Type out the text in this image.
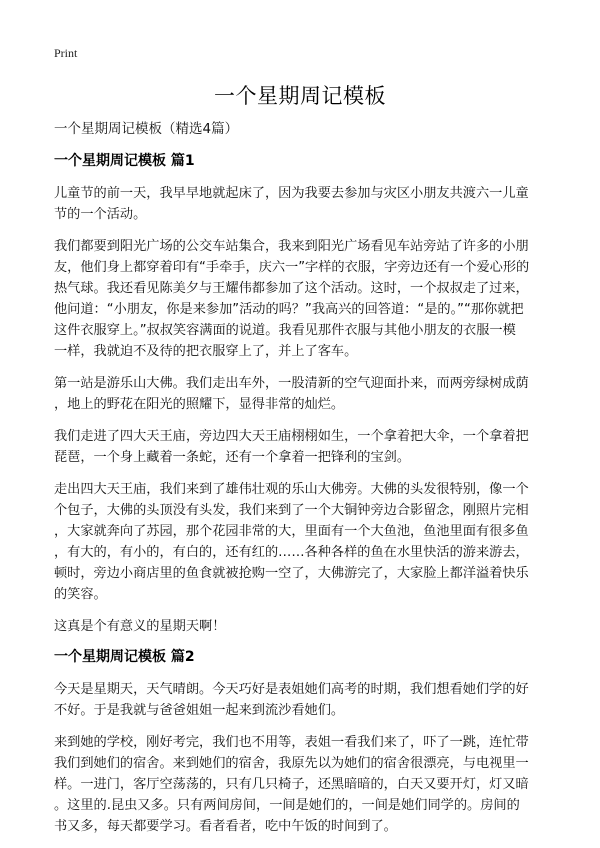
Print
一个星期周记模板

一个星期周记模板（精选4篇）

一个星期周记模板 篇1

儿童节的前一天，我早早地就起床了，因为我要去参加与灾区小朋友共渡六一儿童
节的一个活动。

我们都要到阳光广场的公交车站集合，我来到阳光广场看见车站旁站了许多的小朋
友，他们身上都穿着印有“手牵手，庆六一”字样的衣服，字旁边还有一个爱心形的
热气球。我还看见陈美夕与王耀伟都参加了这个活动。这时，一个叔叔走了过来，
他问道：“小朋友，你是来参加”活动的吗？”我高兴的回答道：“是的。”“那你就把
这件衣服穿上。”叔叔笑容满面的说道。我看见那件衣服与其他小朋友的衣服一模
一样，我就迫不及待的把衣服穿上了，并上了客车。

第一站是游乐山大佛。我们走出车外，一股清新的空气迎面扑来，而两旁绿树成荫
，地上的野花在阳光的照耀下，显得非常的灿烂。

我们走进了四大天王庙，旁边四大天王庙栩栩如生，一个拿着把大伞，一个拿着把
琵琶，一个身上藏着一条蛇，还有一个拿着一把锋利的宝剑。

走出四大天王庙，我们来到了雄伟壮观的乐山大佛旁。大佛的头发很特别，像一个
个包子，大佛的头顶没有头发，我们来到了一个大铜钟旁边合影留念，刚照片完相
，大家就奔向了苏园，那个花园非常的大，里面有一个大鱼池，鱼池里面有很多鱼
，有大的，有小的，有白的，还有红的……各种各样的鱼在水里快活的游来游去，
顿时，旁边小商店里的鱼食就被抢购一空了，大佛游完了，大家脸上都洋溢着快乐
的笑容。

这真是个有意义的星期天啊！

一个星期周记模板 篇2

今天是星期天，天气晴朗。今天巧好是表姐她们高考的时期，我们想看她们学的好
不好。于是我就与爸爸姐姐一起来到流沙看她们。

来到她的学校，刚好考完，我们也不用等，表姐一看我们来了，吓了一跳，连忙带
我们到她们的宿舍。来到她们的宿舍，我原先以为她们的宿舍很漂亮，与电视里一
样。一进门，客厅空荡荡的，只有几只椅子，还黑暗暗的，白天又要开灯，灯又暗
。这里的.昆虫又多。只有两间房间，一间是她们的，一间是她们同学的。房间的
书又多，每天都要学习。看者看者，吃中午饭的时间到了。
